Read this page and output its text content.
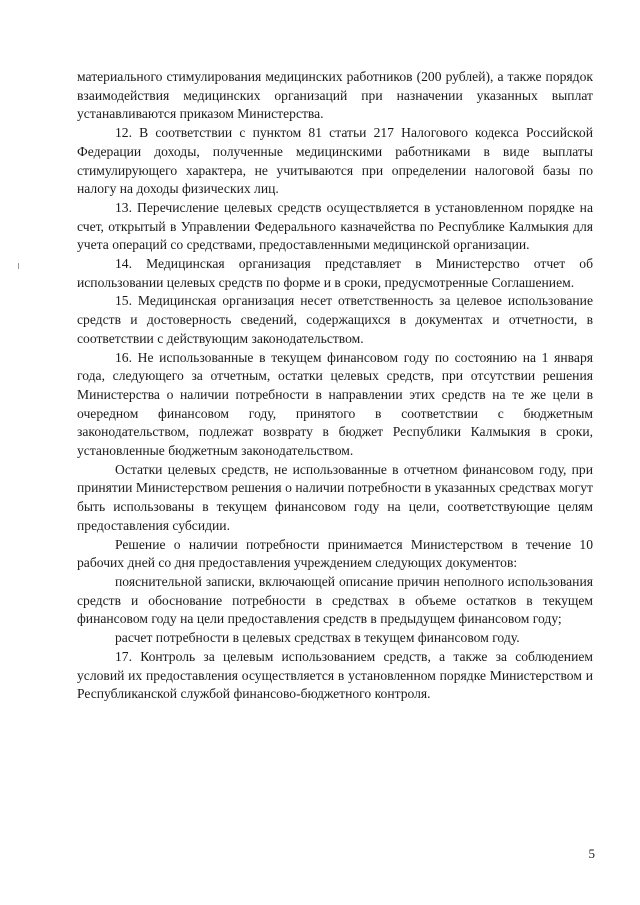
материального стимулирования медицинских работников (200 рублей), а также порядок взаимодействия медицинских организаций при назначении указанных выплат устанавливаются приказом Министерства.

12. В соответствии с пунктом 81 статьи 217 Налогового кодекса Российской Федерации доходы, полученные медицинскими работниками в виде выплаты стимулирующего характера, не учитываются при определении налоговой базы по налогу на доходы физических лиц.

13. Перечисление целевых средств осуществляется в установленном порядке на счет, открытый в Управлении Федерального казначейства по Республике Калмыкия для учета операций со средствами, предоставленными медицинской организации.

14. Медицинская организация представляет в Министерство отчет об использовании целевых средств по форме и в сроки, предусмотренные Соглашением.

15. Медицинская организация несет ответственность за целевое использование средств и достоверность сведений, содержащихся в документах и отчетности, в соответствии с действующим законодательством.

16. Не использованные в текущем финансовом году по состоянию на 1 января года, следующего за отчетным, остатки целевых средств, при отсутствии решения Министерства о наличии потребности в направлении этих средств на те же цели в очередном финансовом году, принятого в соответствии с бюджетным законодательством, подлежат возврату в бюджет Республики Калмыкия в сроки, установленные бюджетным законодательством.

Остатки целевых средств, не использованные в отчетном финансовом году, при принятии Министерством решения о наличии потребности в указанных средствах могут быть использованы в текущем финансовом году на цели, соответствующие целям предоставления субсидии.

Решение о наличии потребности принимается Министерством в течение 10 рабочих дней со дня предоставления учреждением следующих документов:

пояснительной записки, включающей описание причин неполного использования средств и обоснование потребности в средствах в объеме остатков в текущем финансовом году на цели предоставления средств в предыдущем финансовом году;

расчет потребности в целевых средствах в текущем финансовом году.

17. Контроль за целевым использованием средств, а также за соблюдением условий их предоставления осуществляется в установленном порядке Министерством и Республиканской службой финансово-бюджетного контроля.

5
